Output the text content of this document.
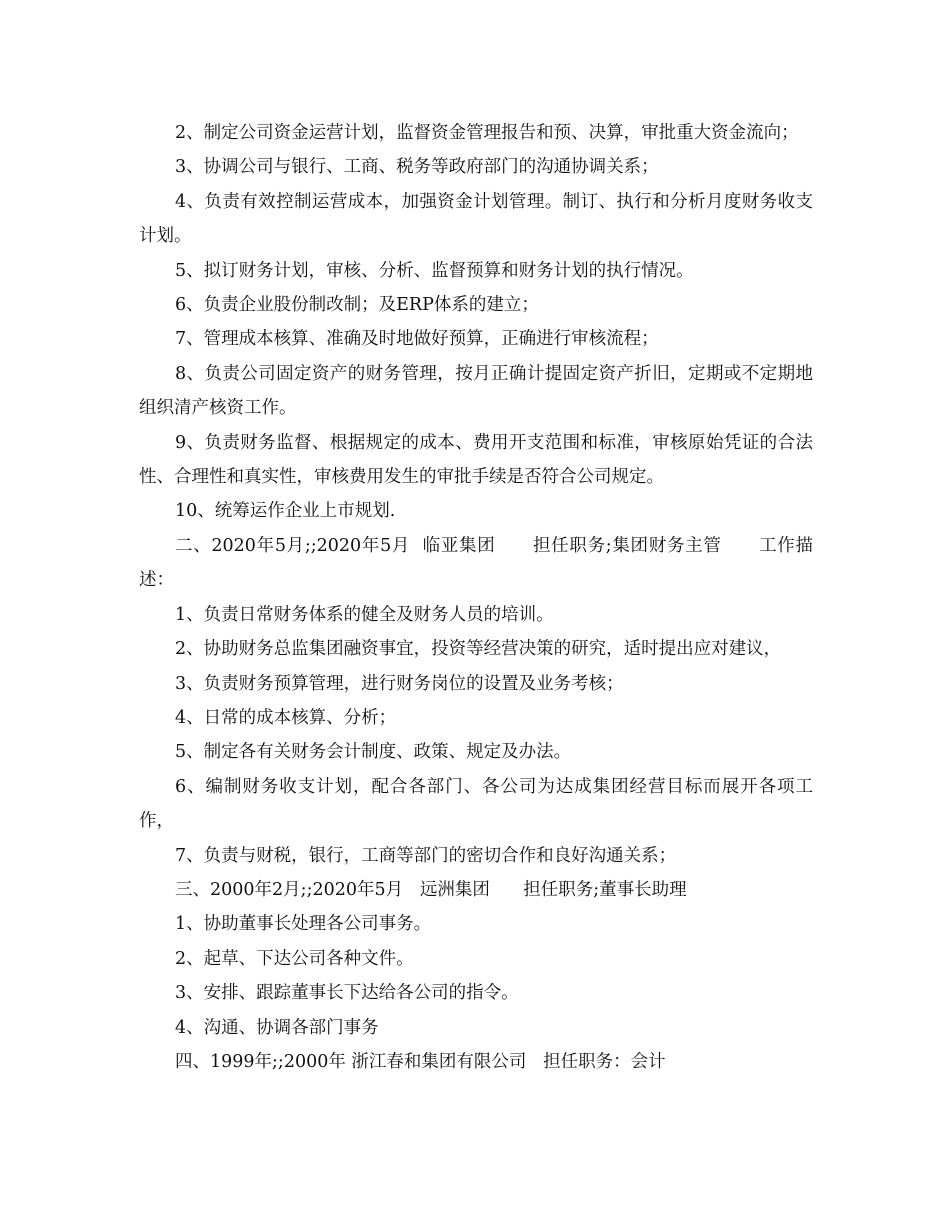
2、制定公司资金运营计划，监督资金管理报告和预、决算，审批重大资金流向；

3、协调公司与银行、工商、税务等政府部门的沟通协调关系；

4、负责有效控制运营成本，加强资金计划管理。制订、执行和分析月度财务收支计划。

5、拟订财务计划，审核、分析、监督预算和财务计划的执行情况。

6、负责企业股份制改制；及ERP体系的建立；

7、管理成本核算、准确及时地做好预算，正确进行审核流程；

8、负责公司固定资产的财务管理，按月正确计提固定资产折旧，定期或不定期地组织清产核资工作。

9、负责财务监督、根据规定的成本、费用开支范围和标准，审核原始凭证的合法性、合理性和真实性，审核费用发生的审批手续是否符合公司规定。

10、统筹运作企业上市规划.

二、2020年5月;;2020年5月  临亚集团      担任职务;集团财务主管      工作描述：

1、负责日常财务体系的健全及财务人员的培训。

2、协助财务总监集团融资事宜，投资等经营决策的研究，适时提出应对建议，

3、负责财务预算管理，进行财务岗位的设置及业务考核；

4、日常的成本核算、分析；

5、制定各有关财务会计制度、政策、规定及办法。

6、编制财务收支计划，配合各部门、各公司为达成集团经营目标而展开各项工作，

7、负责与财税，银行，工商等部门的密切合作和良好沟通关系；

三、2000年2月;;2020年5月   远洲集团      担任职务;董事长助理

1、协助董事长处理各公司事务。

2、起草、下达公司各种文件。

3、安排、跟踪董事长下达给各公司的指令。

4、沟通、协调各部门事务

四、1999年;;2000年 浙江春和集团有限公司   担任职务：会计
